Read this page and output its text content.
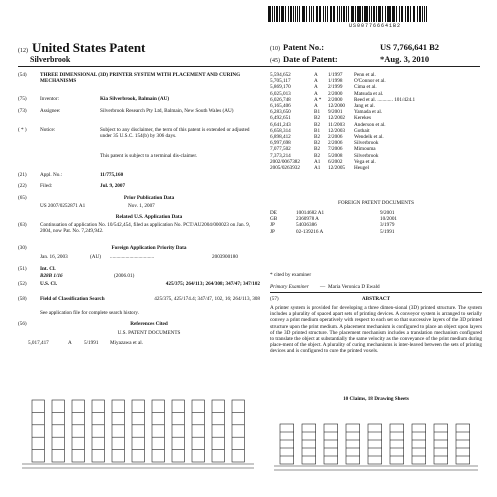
US007766641B2
(12) United States Patent
Silverbrook
(10) Patent No.:	US 7,766,641 B2
(45) Date of Patent:	*Aug. 3, 2010
(54)	THREE DIMENSIONAL (3D) PRINTER SYSTEM WITH PLACEMENT AND CURING MECHANISMS
(75)	Inventor:	Kia Silverbrook, Balmain (AU)
(73)	Assignee:	Silverbrook Research Pty Ltd, Balmain, New South Wales (AU)
( * )	Notice:	Subject to any disclaimer, the term of this patent is extended or adjusted under 35 U.S.C. 154(b) by 306 days.
This patent is subject to a terminal dis-claimer.
(21)	Appl. No.:	11/775,160
(22)	Filed:	Jul. 9, 2007
(65)	Prior Publication Data
US 2007/0252871 A1	Nov. 1, 2007
Related U.S. Application Data
(63)	Continuation of application No. 10/542,454, filed as application No. PCT/AU2004/000023 on Jan. 9, 2004, now Pat. No. 7,249,942.
(30)	Foreign Application Priority Data
Jan. 16, 2003	(AU) ..................................	2003900180
(51)	Int. Cl.
B28B 1/16	(2006.01)
(52)	U.S. Cl.	425/375; 264/113; 264/308; 347/47; 347/102
(58)	Field of Classification Search	425/375, 425/174.4; 347/47, 102, 16; 264/113, 308
See application file for complete search history.
(56)	References Cited
U.S. PATENT DOCUMENTS
5,017,417	A 5/1991 Miyazawa et al.
FOREIGN PATENT DOCUMENTS
* cited by examiner
Primary Examiner — Maria Veronica D Ewald
(57)	ABSTRACT
5,594,652	A 1/1997 Penn et al.
5,705,117	A 1/1998 O'Connor et al.
5,869,170	A 2/1999 Cima et al.
6,025,013	A 2/2000 Matsuda et al.
6,026,748	A * 2/2000 Reed et al. ............ 101/424.1
6,165,406	A 12/2000 Jang et al.
6,283,650	B1 9/2001 Yamada et al.
6,492,651	B2 12/2002 Kerekes
6,641,243	B2 11/2003 Anderson et al.
6,658,314	B1 12/2003 Gothait
6,898,412	B2 2/2006 Wendelk et al.
6,997,698	B2 2/2006 Silverbrook
7,077,502	B2 7/2006 Mimouma
7,373,214	B2 5/2008 Silverbrook
2002/0067382	A1 6/2002 Vega et al.
2005/0263932	A1 12/2005 Heugel
DE	10014682 A1	9/2001
GB	2360978 A	10/2001
JP	54036386	3/1979
JP	02-139216 A	5/1991
A printer system is provided for developing a three dimen-sional (3D) printed structure. The system includes a plurality of spaced apart sets of printing devices. A conveyor system is arranged to serially convey a print medium operatively with respect to each set so that successive layers of the 3D printed structure upon the print medium. A placement mechanism is configured to place an object upon layers of the 3D printed structure. The placement mechanism includes a translation mechanism configured to translate the object at substantially the same velocity as the conveyance of the print medium during place-ment of the object. A plurality of curing mechanisms is inter-leaved between the sets of printing devices and is configured to cure the printed voxels.
10 Claims, 18 Drawing Sheets
